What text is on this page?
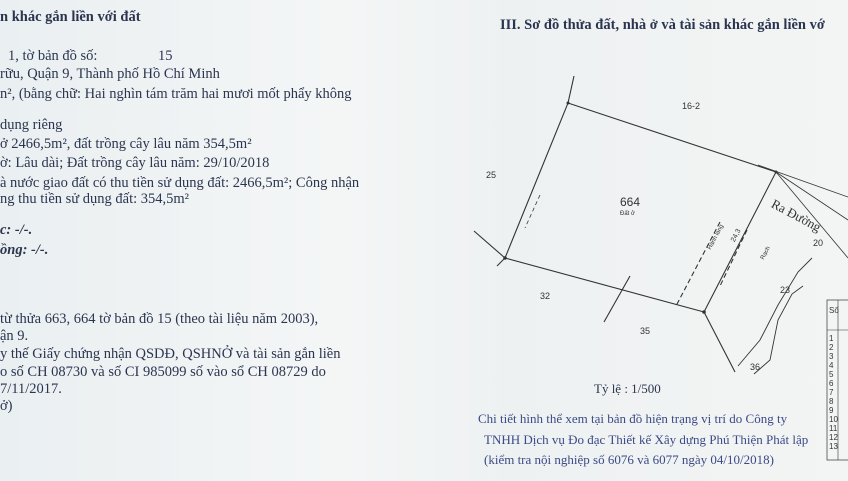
n khác gắn liền với đất
1, tờ bản đồ số:	15
rữu, Quận 9, Thành phố Hồ Chí Minh
n², (bằng chữ: Hai nghìn tám trăm hai mươi mốt phẩy không
dụng riêng
ở 2466,5m², đất trồng cây lâu năm 354,5m²
ờ: Lâu dài; Đất trồng cây lâu năm: 29/10/2018
à nước giao đất có thu tiền sử dụng đất: 2466,5m²; Công nhận
ng thu tiền sử dụng đất: 354,5m²
c: -/-.
ồng: -/-.
từ thửa 663, 664 tờ bản đồ 15 (theo tài liệu năm 2003),
ận 9.
y thế Giấy chứng nhận QSDĐ, QSHNỞ và tài sản gắn liền
o số CH 08730 và số CI 985099 số vào sổ CH 08729 do
7/11/2017.
ở)
III. Sơ đồ thửa đất, nhà ở và tài sản khác gắn liền vớ
16-2
25
32
35
20
23
36
664
Đất ở	Ra Đường
Hành lang 24,3
Rạch
Số
1
2
3
4
5
6
7
8
9
10
11
12
13
Tỷ lệ : 1/500
Chi tiết hình thể xem tại bản đồ hiện trạng vị trí do Công ty
TNHH Dịch vụ Đo đạc Thiết kế Xây dựng Phú Thiện Phát lập
(kiểm tra nội nghiệp số 6076 và 6077 ngày 04/10/2018)
